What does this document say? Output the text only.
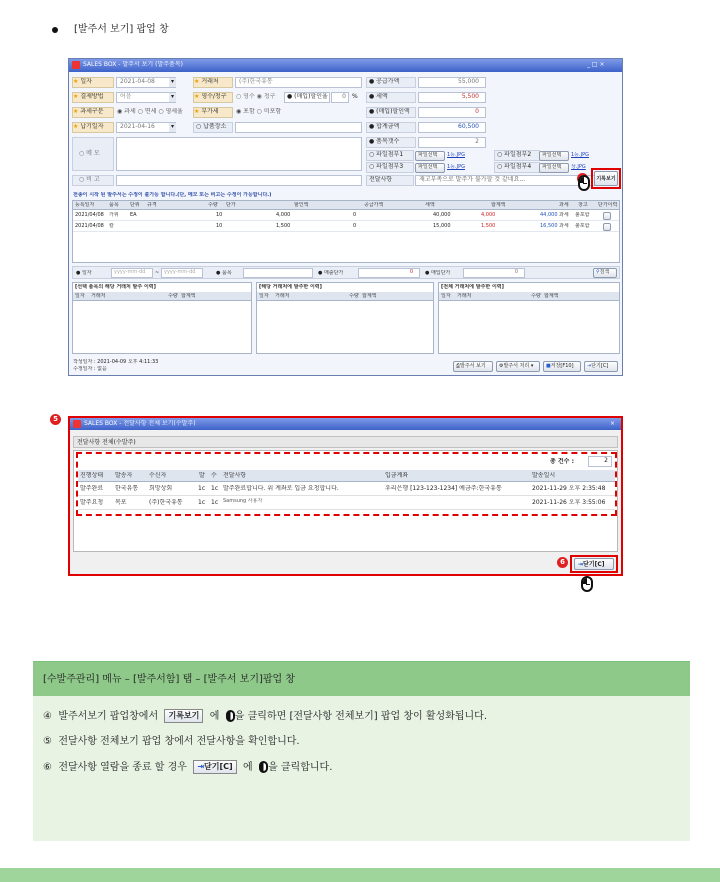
[발주서 보기] 팝업 창
SALES BOX - 발주서 보기 (발주품목)	_ □ ×
★ 일자	2021-04-08	▾	★ 거래처	(주)한국유통
★ 결제방법	어음	▾	★ 영수/청구	○ 영수 ◉ 청구	● (매입)할인율	0	%
★ 과세구분	◉ 과세 ○ 면세 ○ 영세율	★ 부가세	◉ 포함 ○ 미포함
★ 납기일자	2021-04-16	▾	○ 납품장소
○ 메 모
○ 비 고
● 공급가액	55,000
● 세액	5,500
● (매입)할인액	0
● 합계금액	60,500
● 품목갯수	2
○ 파일첨부1	파일선택	1등.JPG	○ 파일첨부2	파일선택	1등.JPG
○ 파일첨부3	파일선택	1등.JPG	○ 파일첨부4	파일선택	상.JPG
전달사항	재고부족으로 발주가 불가할 것 같네요...	기록보기
전송이 시작 된 발주서는 수정이 불가능 합니다.(단, 메모 또는 비고는 수정이 가능합니다.)
등록일자	품목 단위 규격	수량 단가	할인액	공급가액	세액	합계액	과세 창고 단가이력
2021/04/08 가위 EA	10	4,000	0	40,000	4,000	44,000 과세 불포함
2021/04/08 칼	10	1,500	0	15,000	1,500	16,500 과세 불포함
● 일자	yyyy-mm-dd	~ yyyy-mm-dd	● 품목	● 매출단가	0	● 매입단가	0	⚲검색
[선택 품목의 해당 거래처 발주 이력]
일자 거래처	수량 합계액
[해당 거래처에 발주한 이력]
일자 거래처	수량 합계액
[전체 거래처에 발주한 이력]
일자 거래처	수량 합계액
작성일자 : 2021-04-09 오후 4:11:33
수정일자 : 없음	⎙발주서 보기	⚙발주서 처리 ▾	■저장[F10]	⇥닫기[C]
5
SALES BOX - 전달사항 전체 보기(수발주)	×
전달사항 전체(수발주)
총 건수 :	2
진행상태 발송자	수신자	발 수 전달사항	입금계좌	발송일시
발주완료 한국유통 희망상회	1c 1c 발주완료합니다. 위 계좌로 입금 요청합니다.	우리은행 [123-123-1234] 예금주:한국유통	2021-11-29 오후 2:35:48
발주요청 목포	(주)한국유통	1c 1c Samsung 사용자	2021-11-26 오후 3:55:06
⇥닫기[C]
6
[수발주관리] 메뉴 – [발주서함] 탭 – [발주서 보기]팝업 창
④ 발주서보기 팝업창에서 기록보기 에 을 클릭하면 [전달사항 전체보기] 팝업 창이 활성화됩니다.
⑤ 전달사항 전체보기 팝업 창에서 전달사항을 확인합니다.
⑥ 전달사항 열람을 종료 할 경우 ⇥닫기[C] 에 을 클릭합니다.
